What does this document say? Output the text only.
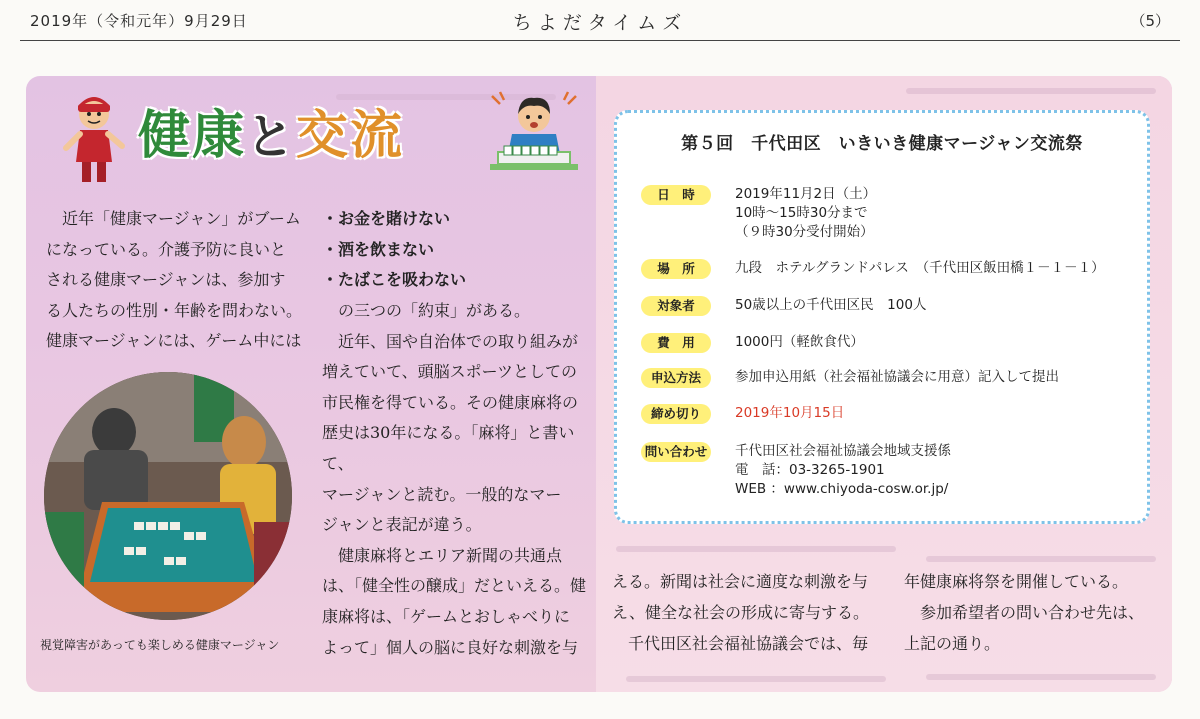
2019年（令和元年）9月29日	ちよだタイムズ	（5）
健康と交流

近年「健康マージャン」がブーム

になっている。介護予防に良いと

される健康マージャンは、参加す

る人たちの性別・年齢を問わない。

健康マージャンには、ゲーム中には

・お金を賭けない
・酒を飲まない
・たばこを吸わない

の三つの「約束」がある。

近年、国や自治体での取り組みが

増えていて、頭脳スポーツとしての

市民権を得ている。その健康麻将の

歴史は30年になる。「麻将」と書いて、

マージャンと読む。一般的なマー

ジャンと表記が違う。

健康麻将とエリア新聞の共通点

は、「健全性の醸成」だといえる。健

康麻将は、「ゲームとおしゃべりに

よって」個人の脳に良好な刺激を与

視覚障害があっても楽しめる健康マージャン
第５回　千代田区　いきいき健康マージャン交流祭
日　時	2019年11月2日（土）
10時～15時30分まで
（９時30分受付開始）
場　所	九段　ホテルグランドパレス　（千代田区飯田橋１－１－１）
対象者	50歳以上の千代田区民　100人
費　用	1000円（軽飲食代）
申込方法	参加申込用紙（社会福祉協議会に用意）記入して提出
締め切り	2019年10月15日
問い合わせ 千代田区社会福祉協議会地域支援係
電　話：03-3265-1901
WEB ：www.chiyoda-cosw.or.jp/

える。新聞は社会に適度な刺激を与

え、健全な社会の形成に寄与する。

千代田区社会福祉協議会では、毎

年健康麻将祭を開催している。

参加希望者の問い合わせ先は、

上記の通り。
